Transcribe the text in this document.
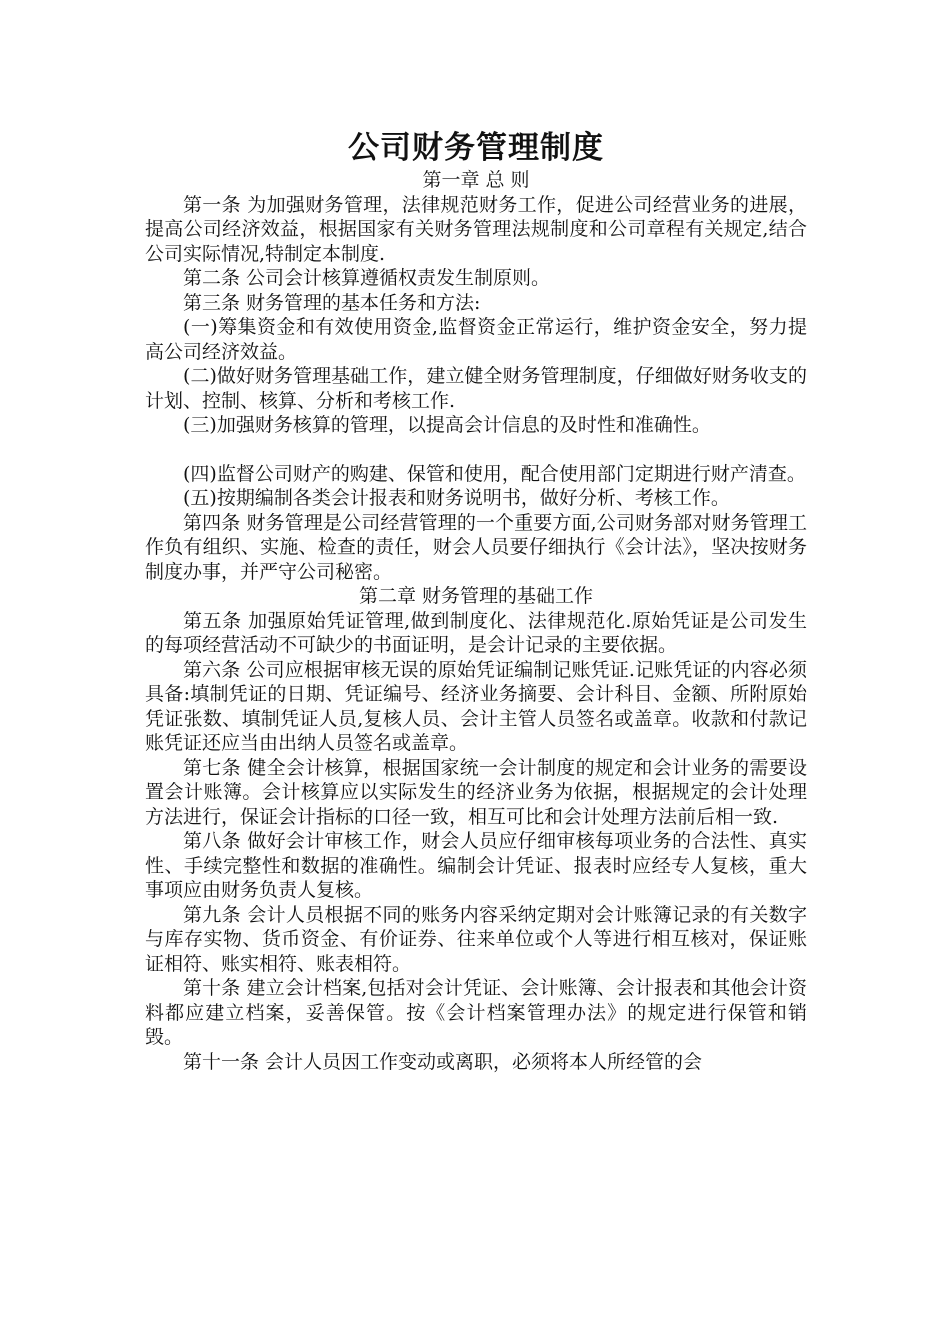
公司财务管理制度

第一章 总 则

第一条 为加强财务管理，法律规范财务工作，促进公司经营业务的进展，提高公司经济效益，根据国家有关财务管理法规制度和公司章程有关规定,结合公司实际情况,特制定本制度.

第二条 公司会计核算遵循权责发生制原则。

第三条 财务管理的基本任务和方法:

(一)筹集资金和有效使用资金,监督资金正常运行，维护资金安全，努力提高公司经济效益。

(二)做好财务管理基础工作，建立健全财务管理制度，仔细做好财务收支的计划、控制、核算、分析和考核工作.

(三)加强财务核算的管理，以提高会计信息的及时性和准确性。

(四)监督公司财产的购建、保管和使用，配合使用部门定期进行财产清查。

(五)按期编制各类会计报表和财务说明书，做好分析、考核工作。

第四条 财务管理是公司经营管理的一个重要方面,公司财务部对财务管理工作负有组织、实施、检查的责任，财会人员要仔细执行《会计法》，坚决按财务制度办事，并严守公司秘密。

第二章 财务管理的基础工作

第五条 加强原始凭证管理,做到制度化、法律规范化.原始凭证是公司发生的每项经营活动不可缺少的书面证明，是会计记录的主要依据。

第六条 公司应根据审核无误的原始凭证编制记账凭证.记账凭证的内容必须具备:填制凭证的日期、凭证编号、经济业务摘要、会计科目、金额、所附原始凭证张数、填制凭证人员,复核人员、会计主管人员签名或盖章。收款和付款记账凭证还应当由出纳人员签名或盖章。

第七条 健全会计核算，根据国家统一会计制度的规定和会计业务的需要设置会计账簿。会计核算应以实际发生的经济业务为依据，根据规定的会计处理方法进行，保证会计指标的口径一致，相互可比和会计处理方法前后相一致.

第八条 做好会计审核工作，财会人员应仔细审核每项业务的合法性、真实性、手续完整性和数据的准确性。编制会计凭证、报表时应经专人复核，重大事项应由财务负责人复核。

第九条 会计人员根据不同的账务内容采纳定期对会计账簿记录的有关数字与库存实物、货币资金、有价证券、往来单位或个人等进行相互核对，保证账证相符、账实相符、账表相符。

第十条 建立会计档案,包括对会计凭证、会计账簿、会计报表和其他会计资料都应建立档案，妥善保管。按《会计档案管理办法》的规定进行保管和销毁。

第十一条 会计人员因工作变动或离职，必须将本人所经管的会
